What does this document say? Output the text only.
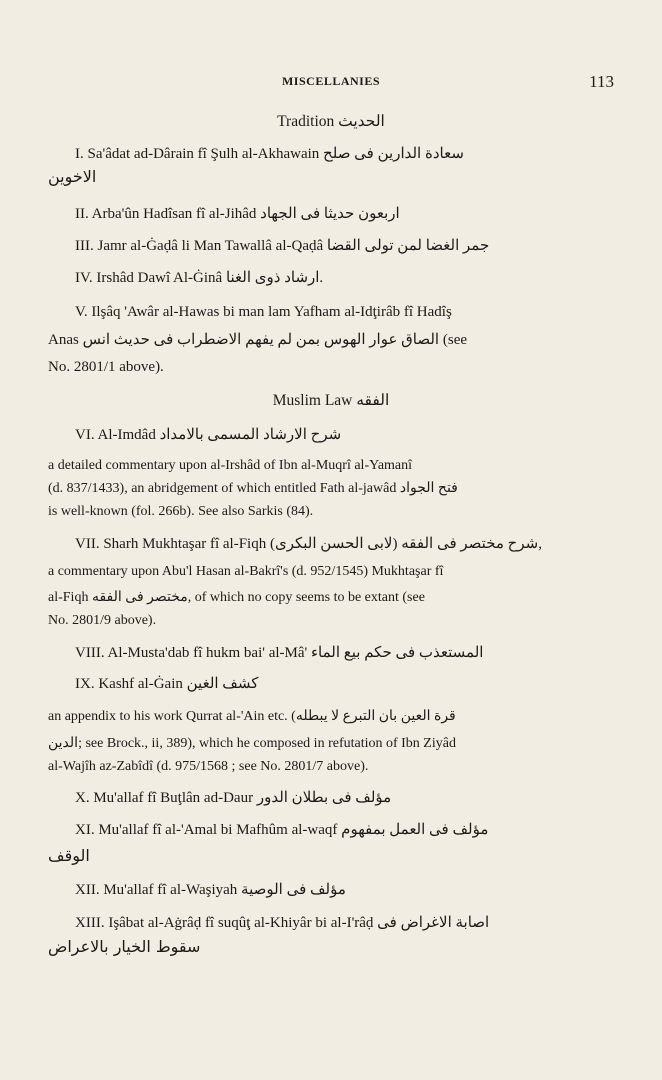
MISCELLANIES	113
Tradition الحديث
I. Sa'âdat ad-Dârain fî Şulh al-Akhawain سعادة الدارين فى صلح
الاخوين
II. Arba'ûn Hadîsan fî al-Jihâd اربعون حديثا فى الجهاد
III. Jamr al-Ġaḍâ li Man Tawallâ al-Qaḍâ جمر الغضا لمن تولى القضا
IV. Irshâd Dawî Al-Ġinâ ارشاد ذوى الغنا.
V. Ilşâq 'Awâr al-Hawas bi man lam Yafham al-Idţirâb fî Hadîş
Anas الصاق عوار الهوس بمن لم يفهم الاضطراب فى حديث انس (see
No. 2801/1 above).
Muslim Law الفقه
VI. Al-Imdâd شرح الارشاد المسمى بالامداد
a detailed commentary upon al-Irshâd of Ibn al-Muqrî al-Yamanî
(d. 837/1433), an abridgement of which entitled Fath al-jawâd فتح الجواد
is well-known (fol. 266b). See also Sarkis (84).
VII. Sharh Mukhtaşar fî al-Fiqh (لابى الحسن البكرى) شرح مختصر فى الفقه,
a commentary upon Abu'l Hasan al-Bakrî's (d. 952/1545) Mukhtaşar fî
al-Fiqh مختصر فى الفقه, of which no copy seems to be extant (see
No. 2801/9 above).
VIII. Al-Musta'dab fî hukm bai' al-Mâ' المستعذب فى حكم بيع الماء
IX. Kashf al-Ġain كشف الغين
an appendix to his work Qurrat al-'Ain etc. (قرة العين بان التبرع لا يبطله
الدين; see Brock., ii, 389), which he composed in refutation of Ibn Ziyâd
al-Wajîh az-Zabîdî (d. 975/1568 ; see No. 2801/7 above).
X. Mu'allaf fî Buţlân ad-Daur مؤلف فى بطلان الدور
XI. Mu'allaf fî al-'Amal bi Mafhûm al-waqf مؤلف فى العمل بمفهوم
الوقف
XII. Mu'allaf fî al-Waşiyah مؤلف فى الوصية
XIII. Işâbat al-Aġrâḍ fî suqûţ al-Khiyâr bi al-I'râḍ اصابة الاغراض فى
سقوط الخيار بالاعراض
